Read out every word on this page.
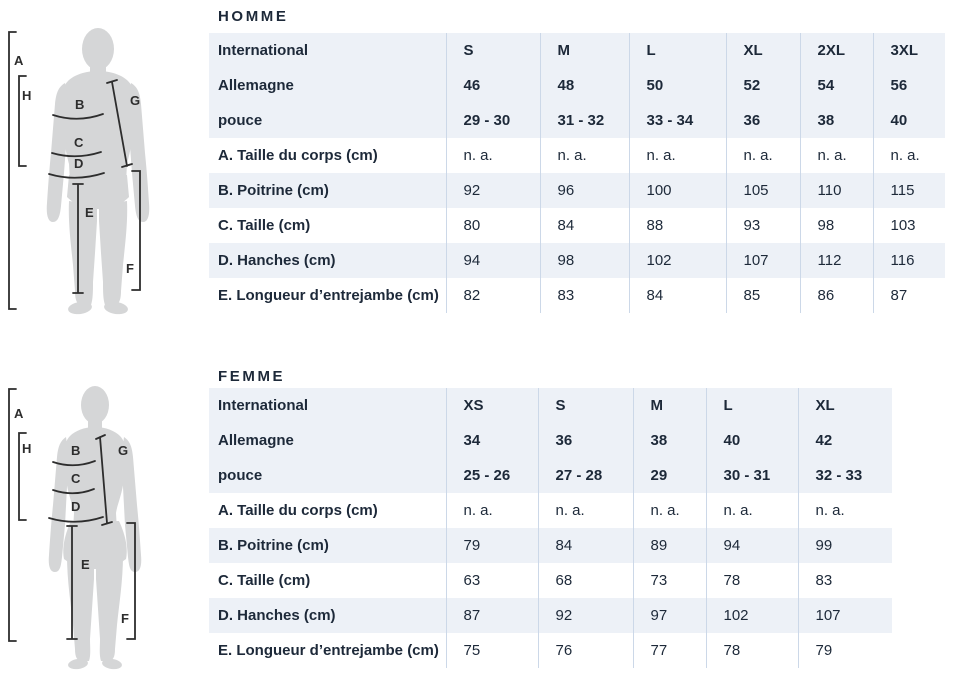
A
H
B	G
C
D
E
F
HOMME
International	S	M	L	XL	2XL	3XL
Allemagne	46	48	50	52	54	56
pouce	29 - 30	31 - 32	33 - 34	36	38	40
A. Taille du corps (cm)	n. a.	n. a.	n. a.	n. a.	n. a.	n. a.
B. Poitrine (cm)	92	96	100	105	110	115
C. Taille (cm)	80	84	88	93	98	103
D. Hanches (cm)	94	98	102	107	112	116
E. Longueur d’entrejambe (cm)	82	83	84	85	86	87
A
H	B	G
C
D
E
F
FEMME
International	XS	S	M	L	XL
Allemagne	34	36	38	40	42
pouce	25 - 26	27 - 28	29	30 - 31	32 - 33
A. Taille du corps (cm)	n. a.	n. a.	n. a.	n. a.	n. a.
B. Poitrine (cm)	79	84	89	94	99
C. Taille (cm)	63	68	73	78	83
D. Hanches (cm)	87	92	97	102	107
E. Longueur d’entrejambe (cm)	75	76	77	78	79
